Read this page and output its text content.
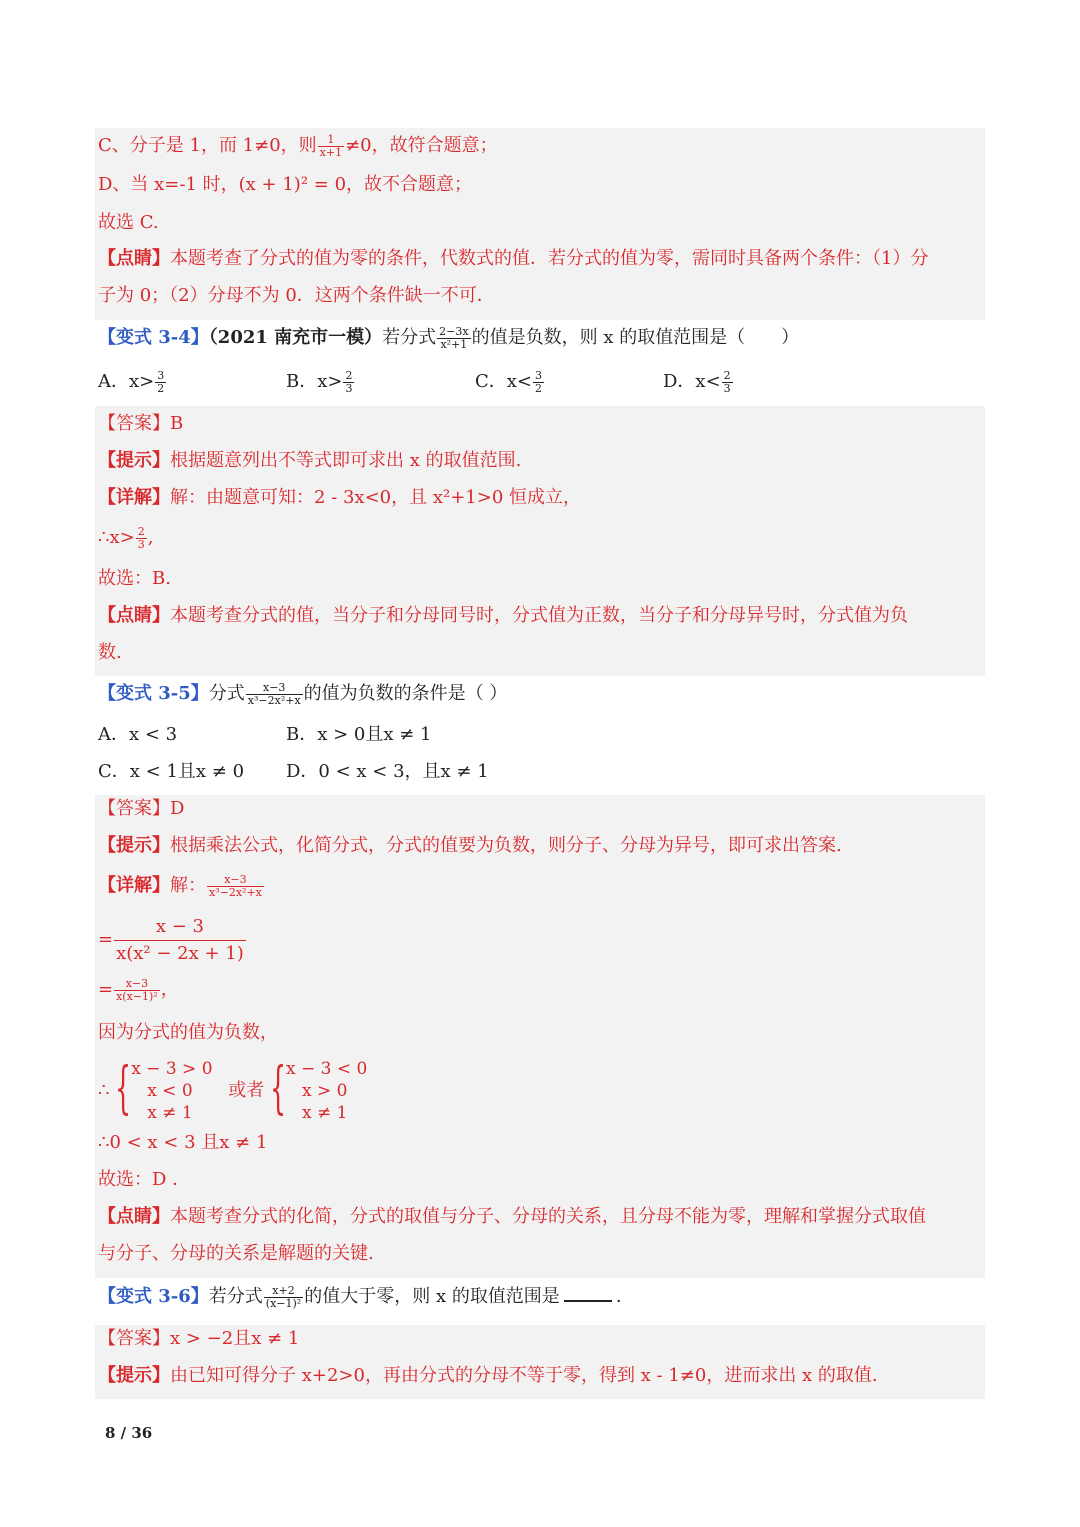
C、分子是 1，而 1≠0，则 $\frac{1}{x+1} \ne 0$，故符合题意；
D、当 x=-1 时，(x + 1)² = 0，故不合题意；
故选 C.
【点睛】本题考查了分式的值为零的条件，代数式的值．若分式的值为零，需同时具备两个条件：（1）分
子为 0；（2）分母不为 0．这两个条件缺一不可．
【变式 3-4】（2021 南充市一模）若分式 $\frac{2-3x}{\text{x²+1}}$ 的值是负数，则 x 的取值范围是（　　）
A．$x> \frac{3}{2}$	B．$x> \frac{2}{3}$	C．$x< \frac{3}{2}$	D．$x< \frac{2}{3}$
【答案】B
【提示】根据题意列出不等式即可求出 x 的取值范围.
【详解】解：由题意可知：2 - 3x<0，且 x²+1>0 恒成立，
∴x> $\frac{2}{3}$ ,
故选：B.
【点睛】本题考查分式的值，当分子和分母同号时，分式值为正数，当分子和分母异号时，分式值为负
数.
【变式 3-5】分式 $\frac{x-3}{\text{x³−2x²+x}}$ 的值为负数的条件是（ ）
A．x < 3	B．x > 0且x ≠ 1
C．x < 1且x ≠ 0 D．0 < x < 3，且x ≠ 1
【答案】D
【提示】根据乘法公式，化简分式，分式的值要为负数，则分子、分母为异号，即可求出答案.
【详解】解： $\frac{x-3}{\text{x³−2x²+x}}$
= $\frac{x - 3}{\text{x(x² − 2x + 1)}}$
= $\frac{x-3}{\text{x(x−1)²}}$ ，
因为分式的值为负数，
∴ { x − 3 > 0
x < 0
x ≠ 1
或者 { x − 3 < 0
x > 0
x ≠ 1
∴0 < x < 3 且x ≠ 1
故选：D ．
【点睛】本题考查分式的化简，分式的取值与分子、分母的关系，且分母不能为零，理解和掌握分式取值
与分子、分母的关系是解题的关键.
【变式 3-6】若分式 $\frac{x+2}{\text{(x−1)²}}$ 的值大于零，则 x 的取值范围是	.
【答案】x > −2且x ≠ 1
【提示】由已知可得分子 x+2>0，再由分式的分母不等于零，得到 x - 1≠0，进而求出 x 的取值.
8 / 36
